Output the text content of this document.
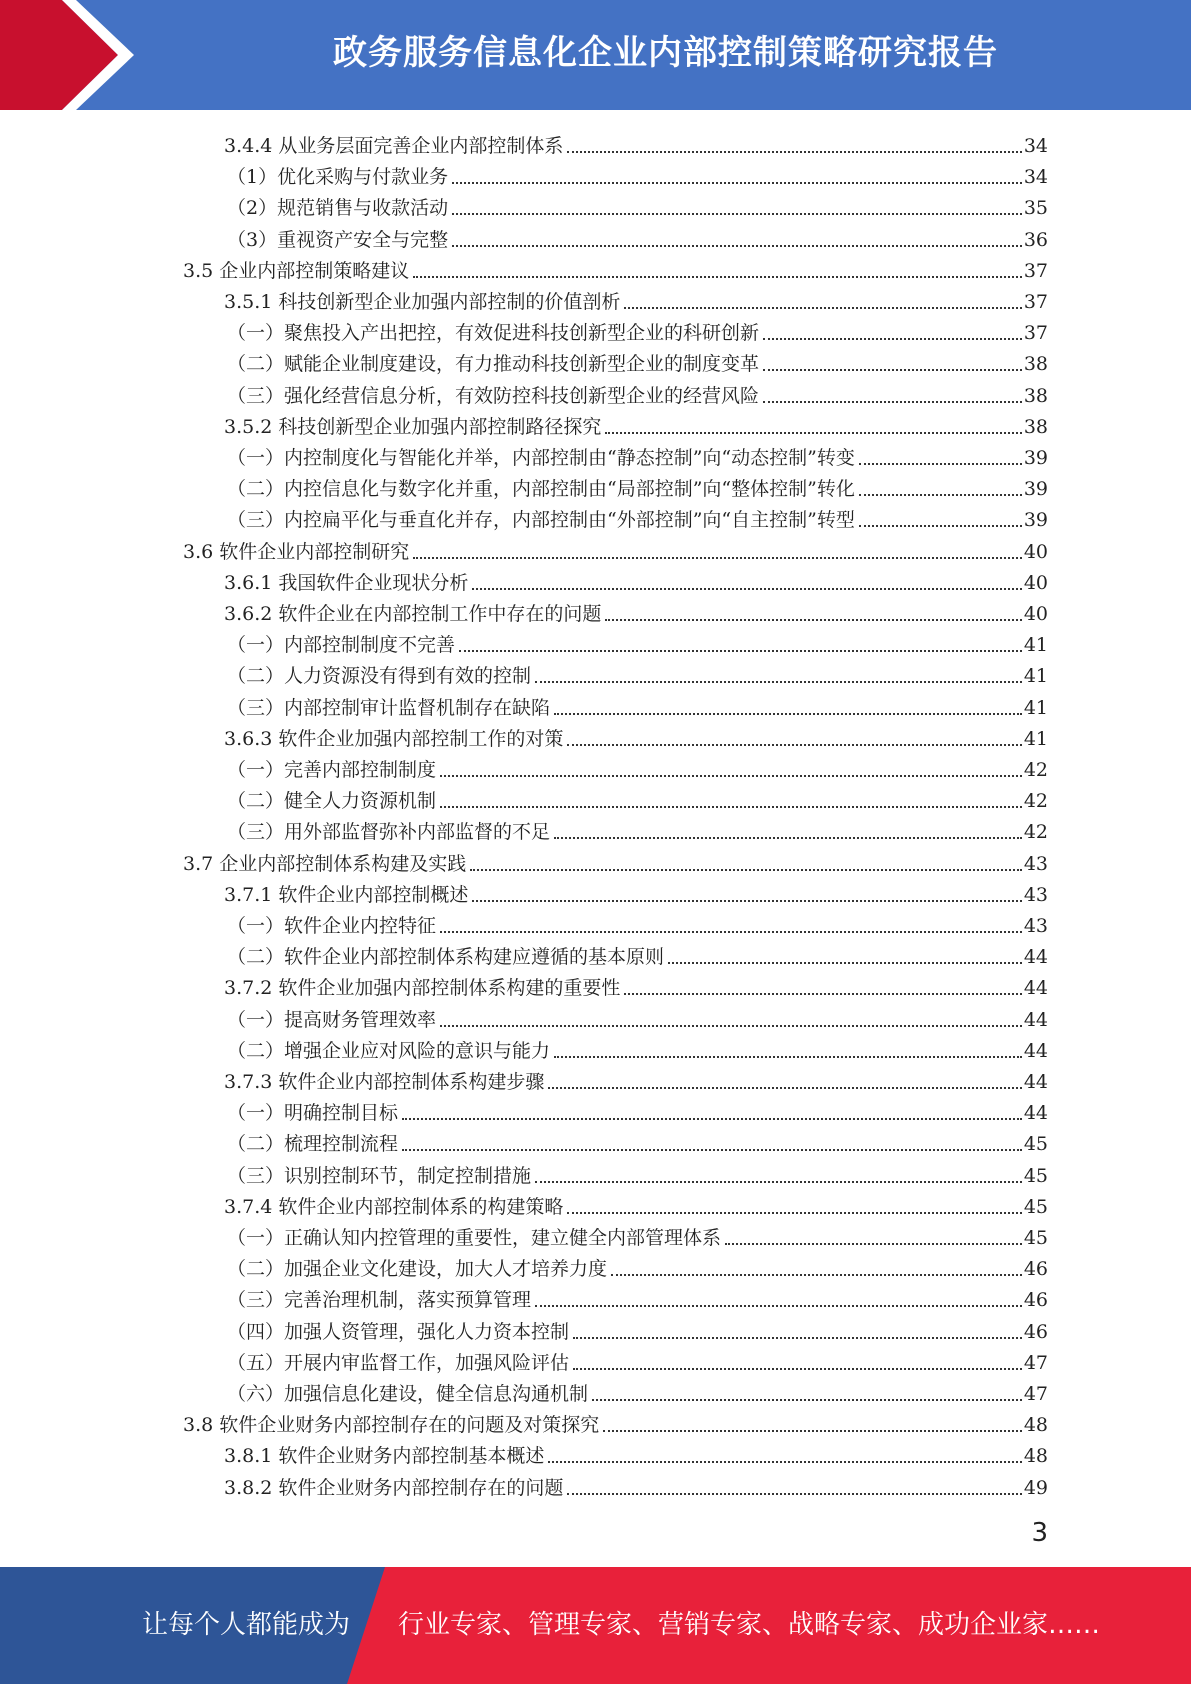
政务服务信息化企业内部控制策略研究报告
3.4.4 从业务层面完善企业内部控制体系	34
（1）优化采购与付款业务	34
（2）规范销售与收款活动	35
（3）重视资产安全与完整	36
3.5 企业内部控制策略建议	37
3.5.1 科技创新型企业加强内部控制的价值剖析	37
（一）聚焦投入产出把控，有效促进科技创新型企业的科研创新	37
（二）赋能企业制度建设，有力推动科技创新型企业的制度变革	38
（三）强化经营信息分析，有效防控科技创新型企业的经营风险	38
3.5.2 科技创新型企业加强内部控制路径探究	38
（一）内控制度化与智能化并举，内部控制由“静态控制”向“动态控制”转变	39
（二）内控信息化与数字化并重，内部控制由“局部控制”向“整体控制”转化	39
（三）内控扁平化与垂直化并存，内部控制由“外部控制”向“自主控制”转型	39
3.6 软件企业内部控制研究	40
3.6.1 我国软件企业现状分析	40
3.6.2 软件企业在内部控制工作中存在的问题	40
（一）内部控制制度不完善	41
（二）人力资源没有得到有效的控制	41
（三）内部控制审计监督机制存在缺陷	41
3.6.3 软件企业加强内部控制工作的对策	41
（一）完善内部控制制度	42
（二）健全人力资源机制	42
（三）用外部监督弥补内部监督的不足	42
3.7 企业内部控制体系构建及实践	43
3.7.1 软件企业内部控制概述	43
（一）软件企业内控特征	43
（二）软件企业内部控制体系构建应遵循的基本原则	44
3.7.2 软件企业加强内部控制体系构建的重要性	44
（一）提高财务管理效率	44
（二）增强企业应对风险的意识与能力	44
3.7.3 软件企业内部控制体系构建步骤	44
（一）明确控制目标	44
（二）梳理控制流程	45
（三）识别控制环节，制定控制措施	45
3.7.4 软件企业内部控制体系的构建策略	45
（一）正确认知内控管理的重要性，建立健全内部管理体系	45
（二）加强企业文化建设，加大人才培养力度	46
（三）完善治理机制，落实预算管理	46
（四）加强人资管理，强化人力资本控制	46
（五）开展内审监督工作，加强风险评估	47
（六）加强信息化建设，健全信息沟通机制	47
3.8 软件企业财务内部控制存在的问题及对策探究	48
3.8.1 软件企业财务内部控制基本概述	48
3.8.2 软件企业财务内部控制存在的问题	49
3
让每个人都能成为 行业专家、管理专家、营销专家、战略专家、成功企业家……
